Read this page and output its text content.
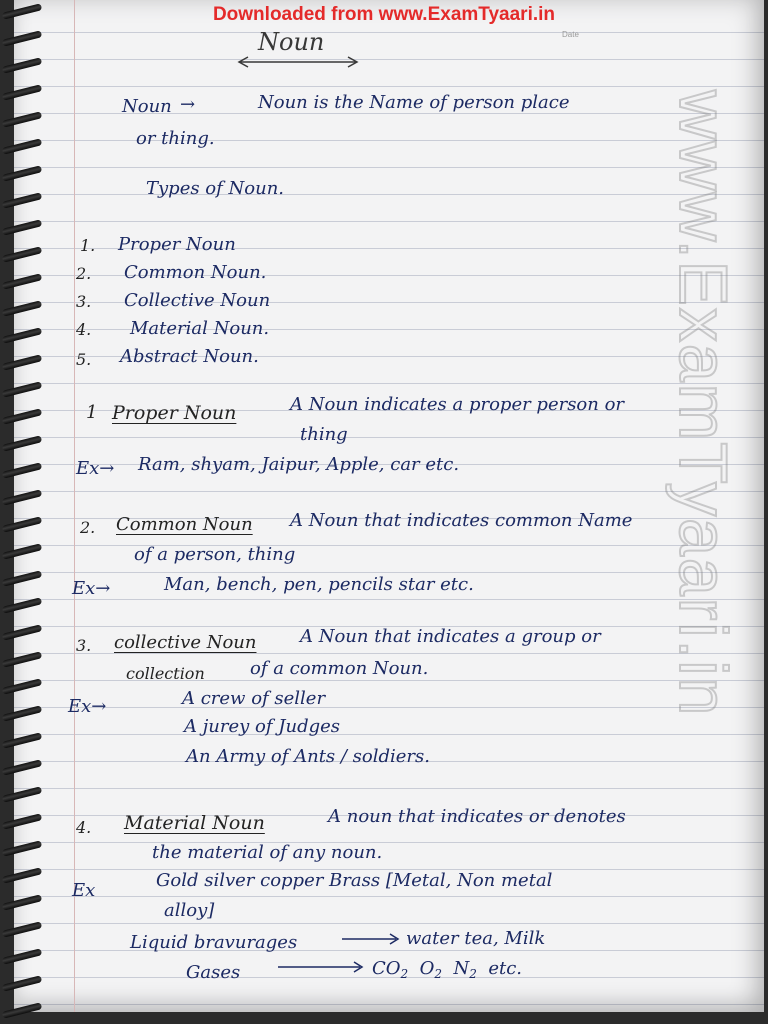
Date
Noun
Noun →	Noun is the Name of person place
or thing.
Types of Noun.
1. Proper Noun
2. Common Noun.
3. Collective Noun
4. Material Noun.
5. Abstract Noun.
1 Proper Noun	A Noun indicates a proper person or
thing
Ex→ Ram, shyam, Jaipur, Apple, car etc.
2. Common Noun A Noun that indicates common Name
of a person, thing
Ex→	Man, bench, pen, pencils star etc.
3. collective Noun A Noun that indicates a group or
collection	of a common Noun.
Ex→	A crew of seller
A jurey of Judges
An Army of Ants / soldiers.
4. Material Noun	A noun that indicates or denotes
the material of any noun.
Ex	Gold silver copper Brass [Metal, Non metal
alloy]
Liquid bravurages	water tea, Milk
Gases	$CO_2$ $O_2$ $N_2$ etc.
www.ExamTyaari.in
Downloaded from www.ExamTyaari.in
